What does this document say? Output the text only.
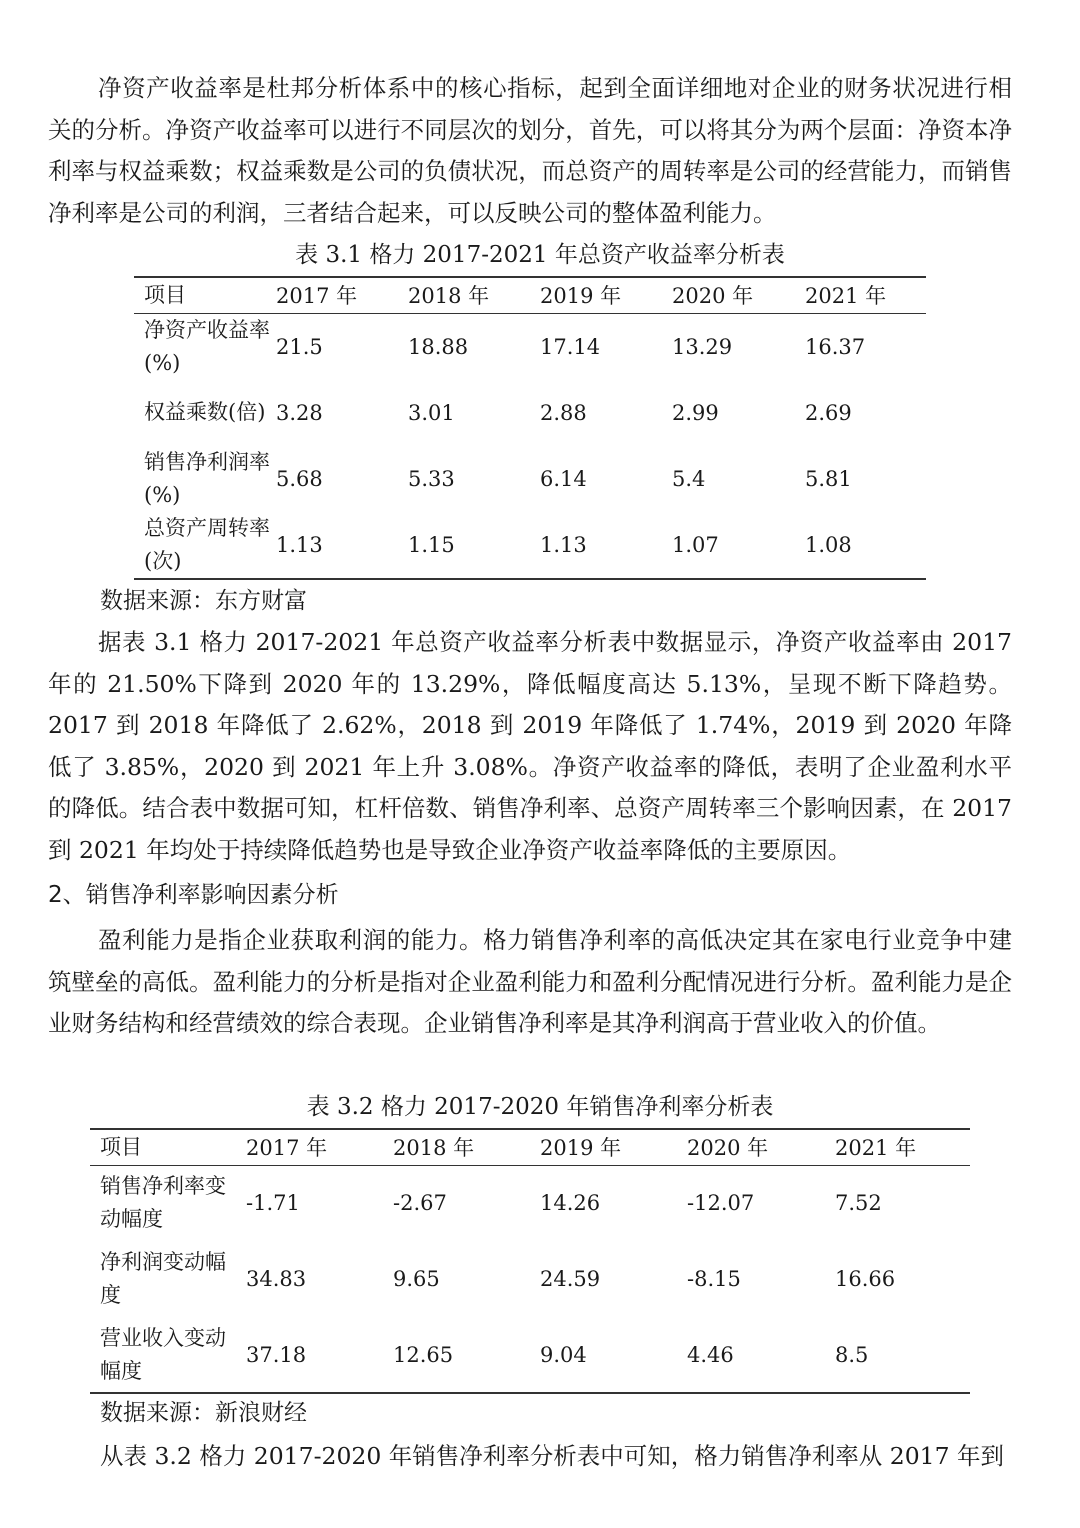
净资产收益率是杜邦分析体系中的核心指标，起到全面详细地对企业的财务状况进行相关的分析。净资产收益率可以进行不同层次的划分，首先，可以将其分为两个层面：净资本净利率与权益乘数；权益乘数是公司的负债状况，而总资产的周转率是公司的经营能力，而销售净利率是公司的利润，三者结合起来，可以反映公司的整体盈利能力。

表 3.1 格力 2017-2021 年总资产收益率分析表

项目	2017 年	2018 年	2019 年	2020 年	2021 年
净资产收益率(%)	21.5	18.88	17.14	13.29	16.37
权益乘数(倍)	3.28	3.01	2.88	2.99	2.69
销售净利润率(%)	5.68	5.33	6.14	5.4	5.81
总资产周转率(次)	1.13	1.15	1.13	1.07	1.08

数据来源：东方财富

据表 3.1 格力 2017-2021 年总资产收益率分析表中数据显示，净资产收益率由 2017 年的 21.50%下降到 2020 年的 13.29%，降低幅度高达 5.13%，呈现不断下降趋势。2017 到 2018 年降低了 2.62%，2018 到 2019 年降低了 1.74%，2019 到 2020 年降低了 3.85%，2020 到 2021 年上升 3.08%。净资产收益率的降低，表明了企业盈利水平的降低。结合表中数据可知，杠杆倍数、销售净利率、总资产周转率三个影响因素，在 2017 到 2021 年均处于持续降低趋势也是导致企业净资产收益率降低的主要原因。

2、销售净利率影响因素分析

盈利能力是指企业获取利润的能力。格力销售净利率的高低决定其在家电行业竞争中建筑壁垒的高低。盈利能力的分析是指对企业盈利能力和盈利分配情况进行分析。盈利能力是企业财务结构和经营绩效的综合表现。企业销售净利率是其净利润高于营业收入的价值。

表 3.2 格力 2017-2020 年销售净利率分析表

项目	2017 年	2018 年	2019 年	2020 年	2021 年
销售净利率变动幅度	-1.71	-2.67	14.26	-12.07	7.52
净利润变动幅度	34.83	9.65	24.59	-8.15	16.66
营业收入变动幅度	37.18	12.65	9.04	4.46	8.5

数据来源：新浪财经

从表 3.2 格力 2017-2020 年销售净利率分析表中可知，格力销售净利率从 2017 年到
